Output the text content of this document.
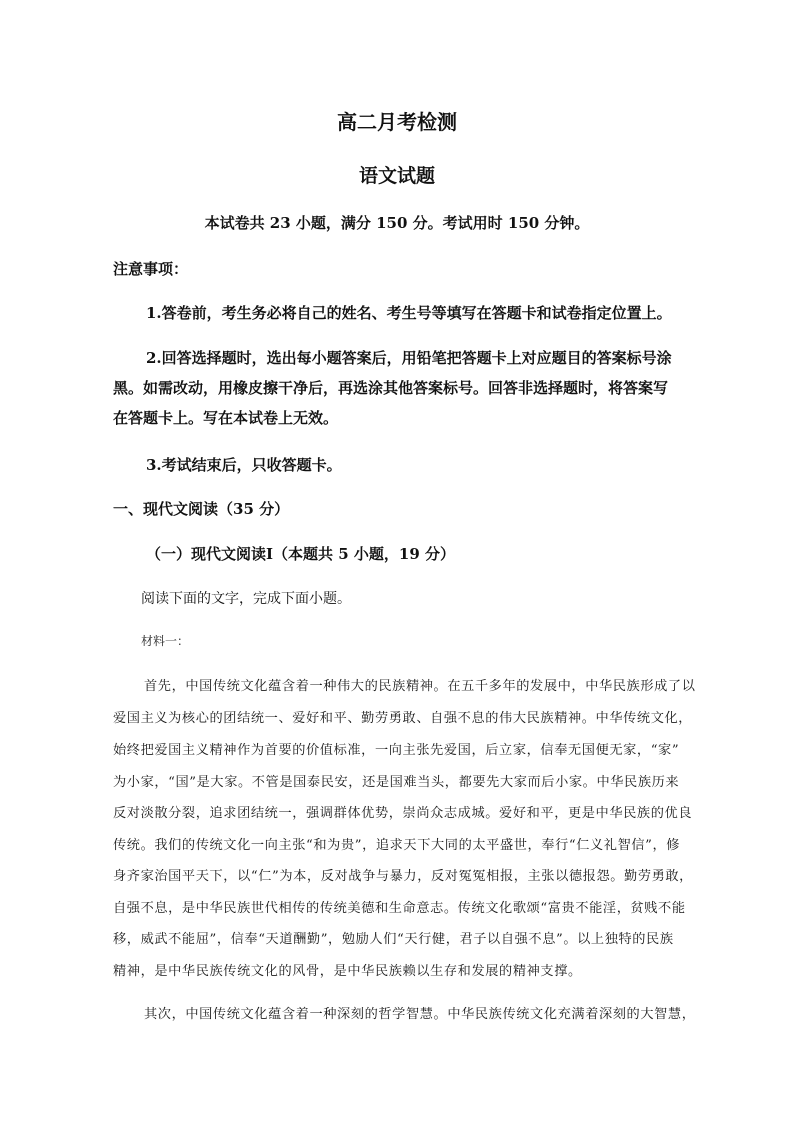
高二月考检测
语文试题
本试卷共 23 小题，满分 150 分。考试用时 150 分钟。
注意事项：
1.答卷前，考生务必将自己的姓名、考生号等填写在答题卡和试卷指定位置上。
2.回答选择题时，选出每小题答案后，用铅笔把答题卡上对应题目的答案标号涂
黑。如需改动，用橡皮擦干净后，再选涂其他答案标号。回答非选择题时，将答案写
在答题卡上。写在本试卷上无效。
3.考试结束后，只收答题卡。
一、现代文阅读（35 分）
（一）现代文阅读Ⅰ（本题共 5 小题，19 分）
阅读下面的文字，完成下面小题。
材料一：
首先，中国传统文化蕴含着一种伟大的民族精神。在五千多年的发展中，中华民族形成了以
爱国主义为核心的团结统一、爱好和平、勤劳勇敢、自强不息的伟大民族精神。中华传统文化，
始终把爱国主义精神作为首要的价值标准，一向主张先爱国，后立家，信奉无国便无家，“家”
为小家，“国”是大家。不管是国泰民安，还是国难当头，都要先大家而后小家。中华民族历来
反对淡散分裂，追求团结统一，强调群体优势，崇尚众志成城。爱好和平，更是中华民族的优良
传统。我们的传统文化一向主张“和为贵”，追求天下大同的太平盛世，奉行“仁义礼智信”，修
身齐家治国平天下，以“仁”为本，反对战争与暴力，反对冤冤相报，主张以德报怨。勤劳勇敢，
自强不息，是中华民族世代相传的传统美德和生命意志。传统文化歌颂“富贵不能淫，贫贱不能
移，威武不能屈”，信奉“天道酬勤”，勉励人们“天行健，君子以自强不息”。以上独特的民族
精神，是中华民族传统文化的风骨，是中华民族赖以生存和发展的精神支撑。
其次，中国传统文化蕴含着一种深刻的哲学智慧。中华民族传统文化充满着深刻的大智慧，
